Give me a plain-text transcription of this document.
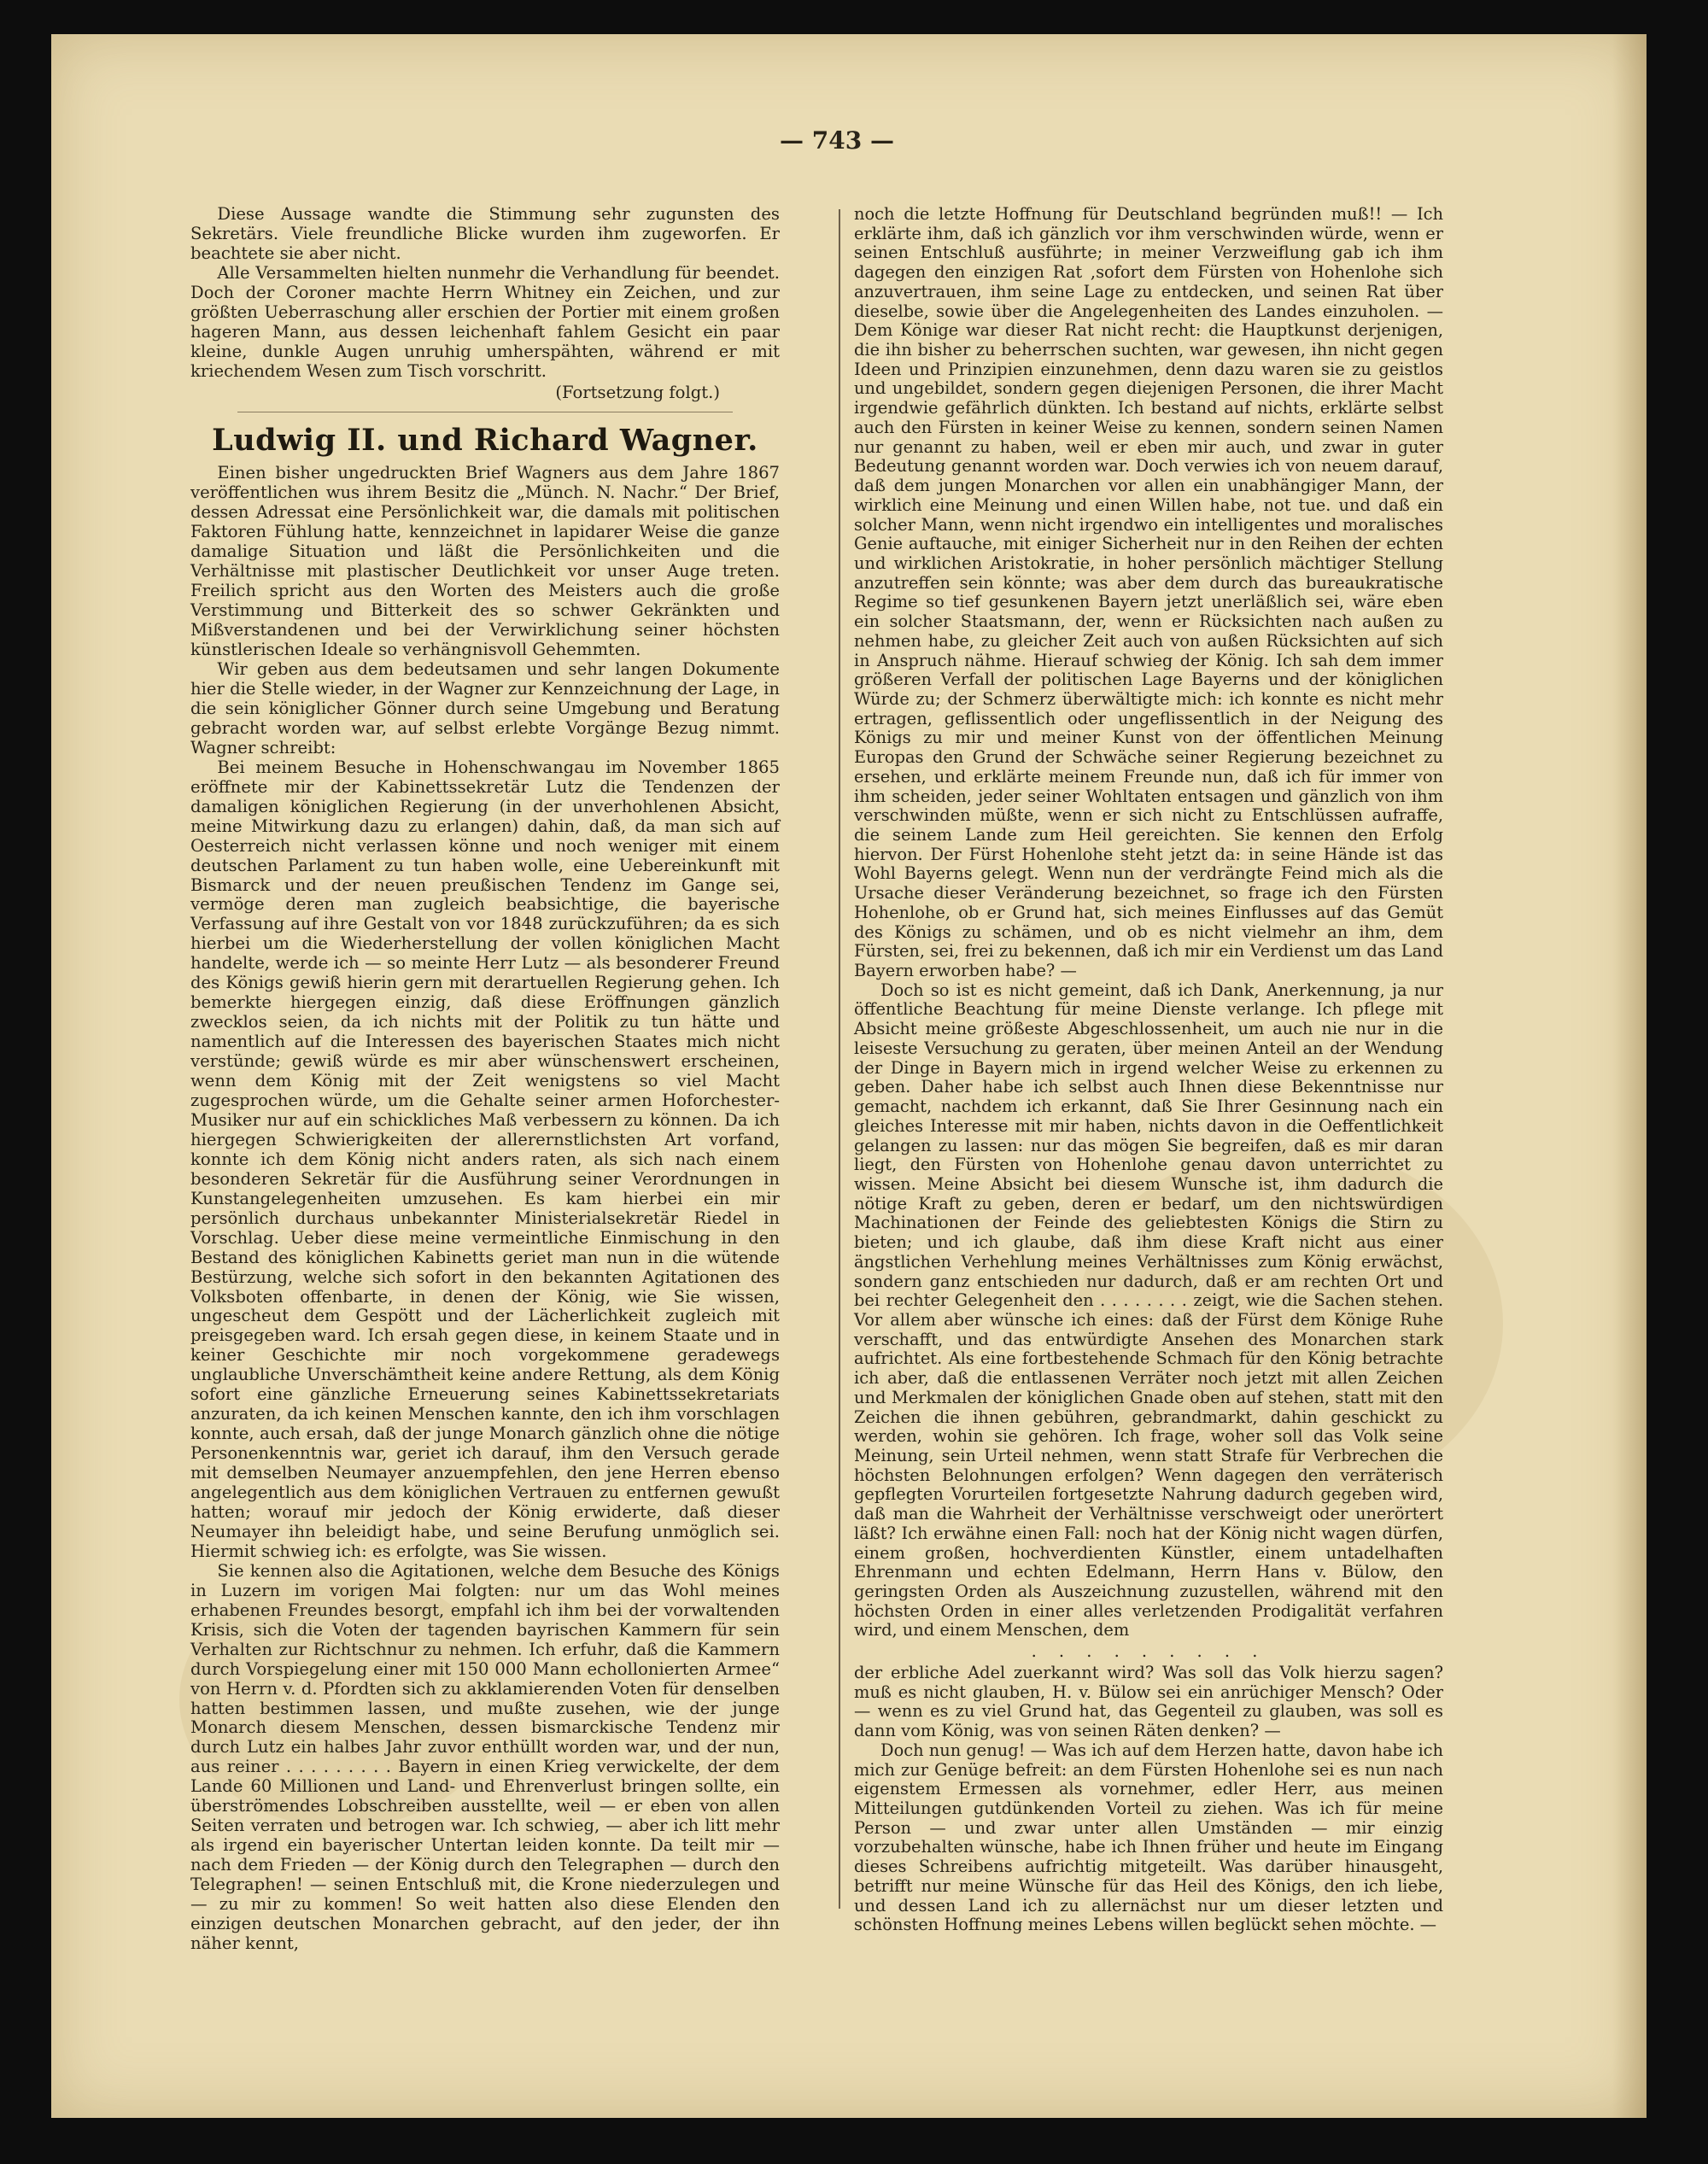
— 743 —

Diese Aussage wandte die Stimmung sehr zugunsten des Sekretärs. Viele freundliche Blicke wurden ihm zugeworfen. Er beachtete sie aber nicht.

Alle Versammelten hielten nunmehr die Verhandlung für beendet. Doch der Coroner machte Herrn Whitney ein Zeichen, und zur größten Ueberraschung aller erschien der Portier mit einem großen hageren Mann, aus dessen leichenhaft fahlem Gesicht ein paar kleine, dunkle Augen unruhig umherspähten, während er mit kriechendem Wesen zum Tisch vorschritt.

(Fortsetzung folgt.)

Ludwig II. und Richard Wagner.

Einen bisher ungedruckten Brief Wagners aus dem Jahre 1867 veröffentlichen wus ihrem Besitz die „Münch. N. Nachr.“ Der Brief, dessen Adressat eine Persönlichkeit war, die damals mit politischen Faktoren Fühlung hatte, kennzeichnet in lapidarer Weise die ganze damalige Situation und läßt die Persönlichkeiten und die Verhältnisse mit plastischer Deutlichkeit vor unser Auge treten. Freilich spricht aus den Worten des Meisters auch die große Verstimmung und Bitterkeit des so schwer Gekränkten und Mißverstandenen und bei der Verwirklichung seiner höchsten künstlerischen Ideale so verhängnisvoll Gehemmten.

Wir geben aus dem bedeutsamen und sehr langen Dokumente hier die Stelle wieder, in der Wagner zur Kennzeichnung der Lage, in die sein königlicher Gönner durch seine Umgebung und Beratung gebracht worden war, auf selbst erlebte Vorgänge Bezug nimmt. Wagner schreibt:

Bei meinem Besuche in Hohenschwangau im November 1865 eröffnete mir der Kabinettssekretär Lutz die Tendenzen der damaligen königlichen Regierung (in der unverhohlenen Absicht, meine Mitwirkung dazu zu erlangen) dahin, daß, da man sich auf Oesterreich nicht verlassen könne und noch weniger mit einem deutschen Parlament zu tun haben wolle, eine Uebereinkunft mit Bismarck und der neuen preußischen Tendenz im Gange sei, vermöge deren man zugleich beabsichtige, die bayerische Verfassung auf ihre Gestalt von vor 1848 zurückzuführen; da es sich hierbei um die Wiederherstellung der vollen königlichen Macht handelte, werde ich — so meinte Herr Lutz — als besonderer Freund des Königs gewiß hierin gern mit derartuellen Regierung gehen. Ich bemerkte hiergegen einzig, daß diese Eröffnungen gänzlich zwecklos seien, da ich nichts mit der Politik zu tun hätte und namentlich auf die Interessen des bayerischen Staates mich nicht verstünde; gewiß würde es mir aber wünschenswert erscheinen, wenn dem König mit der Zeit wenigstens so viel Macht zugesprochen würde, um die Gehalte seiner armen Hoforchester-Musiker nur auf ein schickliches Maß verbessern zu können. Da ich hiergegen Schwierigkeiten der allerernstlichsten Art vorfand, konnte ich dem König nicht anders raten, als sich nach einem besonderen Sekretär für die Ausführung seiner Verordnungen in Kunstangelegenheiten umzusehen. Es kam hierbei ein mir persönlich durchaus unbekannter Ministerialsekretär Riedel in Vorschlag. Ueber diese meine vermeintliche Einmischung in den Bestand des königlichen Kabinetts geriet man nun in die wütende Bestürzung, welche sich sofort in den bekannten Agitationen des Volksboten offenbarte, in denen der König, wie Sie wissen, ungescheut dem Gespött und der Lächerlichkeit zugleich mit preisgegeben ward. Ich ersah gegen diese, in keinem Staate und in keiner Geschichte mir noch vorgekommene geradewegs unglaubliche Unverschämtheit keine andere Rettung, als dem König sofort eine gänzliche Erneuerung seines Kabinettssekretariats anzuraten, da ich keinen Menschen kannte, den ich ihm vorschlagen konnte, auch ersah, daß der junge Monarch gänzlich ohne die nötige Personenkenntnis war, geriet ich darauf, ihm den Versuch gerade mit demselben Neumayer anzuempfehlen, den jene Herren ebenso angelegentlich aus dem königlichen Vertrauen zu entfernen gewußt hatten; worauf mir jedoch der König erwiderte, daß dieser Neumayer ihn beleidigt habe, und seine Berufung unmöglich sei. Hiermit schwieg ich: es erfolgte, was Sie wissen.

Sie kennen also die Agitationen, welche dem Besuche des Königs in Luzern im vorigen Mai folgten: nur um das Wohl meines erhabenen Freundes besorgt, empfahl ich ihm bei der vorwaltenden Krisis, sich die Voten der tagenden bayrischen Kammern für sein Verhalten zur Richtschnur zu nehmen. Ich erfuhr, daß die Kammern durch Vorspiegelung einer mit 150 000 Mann echollonierten Armee“ von Herrn v. d. Pfordten sich zu akklamierenden Voten für denselben hatten bestimmen lassen, und mußte zusehen, wie der junge Monarch diesem Menschen, dessen bismarckische Tendenz mir durch Lutz ein halbes Jahr zuvor enthüllt worden war, und der nun, aus reiner . . . . . . . . . Bayern in einen Krieg verwickelte, der dem Lande 60 Millionen und Land- und Ehrenverlust bringen sollte, ein überströmendes Lobschreiben ausstellte, weil — er eben von allen Seiten verraten und betrogen war. Ich schwieg, — aber ich litt mehr als irgend ein bayerischer Untertan leiden konnte. Da teilt mir — nach dem Frieden — der König durch den Telegraphen — durch den Telegraphen! — seinen Entschluß mit, die Krone niederzulegen und — zu mir zu kommen! So weit hatten also diese Elenden den einzigen deutschen Monarchen gebracht, auf den jeder, der ihn näher kennt,

noch die letzte Hoffnung für Deutschland begründen muß!! — Ich erklärte ihm, daß ich gänzlich vor ihm verschwinden würde, wenn er seinen Entschluß ausführte; in meiner Verzweiflung gab ich ihm dagegen den einzigen Rat ,sofort dem Fürsten von Hohenlohe sich anzuvertrauen, ihm seine Lage zu entdecken, und seinen Rat über dieselbe, sowie über die Angelegenheiten des Landes einzuholen. — Dem Könige war dieser Rat nicht recht: die Hauptkunst derjenigen, die ihn bisher zu beherrschen suchten, war gewesen, ihn nicht gegen Ideen und Prinzipien einzunehmen, denn dazu waren sie zu geistlos und ungebildet, sondern gegen diejenigen Personen, die ihrer Macht irgendwie gefährlich dünkten. Ich bestand auf nichts, erklärte selbst auch den Fürsten in keiner Weise zu kennen, sondern seinen Namen nur genannt zu haben, weil er eben mir auch, und zwar in guter Bedeutung genannt worden war. Doch verwies ich von neuem darauf, daß dem jungen Monarchen vor allen ein unabhängiger Mann, der wirklich eine Meinung und einen Willen habe, not tue. und daß ein solcher Mann, wenn nicht irgendwo ein intelligentes und moralisches Genie auftauche, mit einiger Sicherheit nur in den Reihen der echten und wirklichen Aristokratie, in hoher persönlich mächtiger Stellung anzutreffen sein könnte; was aber dem durch das bureaukratische Regime so tief gesunkenen Bayern jetzt unerläßlich sei, wäre eben ein solcher Staatsmann, der, wenn er Rücksichten nach außen zu nehmen habe, zu gleicher Zeit auch von außen Rücksichten auf sich in Anspruch nähme. Hierauf schwieg der König. Ich sah dem immer größeren Verfall der politischen Lage Bayerns und der königlichen Würde zu; der Schmerz überwältigte mich: ich konnte es nicht mehr ertragen, geflissentlich oder ungeflissentlich in der Neigung des Königs zu mir und meiner Kunst von der öffentlichen Meinung Europas den Grund der Schwäche seiner Regierung bezeichnet zu ersehen, und erklärte meinem Freunde nun, daß ich für immer von ihm scheiden, jeder seiner Wohltaten entsagen und gänzlich von ihm verschwinden müßte, wenn er sich nicht zu Entschlüssen aufraffe, die seinem Lande zum Heil gereichten. Sie kennen den Erfolg hiervon. Der Fürst Hohenlohe steht jetzt da: in seine Hände ist das Wohl Bayerns gelegt. Wenn nun der verdrängte Feind mich als die Ursache dieser Veränderung bezeichnet, so frage ich den Fürsten Hohenlohe, ob er Grund hat, sich meines Einflusses auf das Gemüt des Königs zu schämen, und ob es nicht vielmehr an ihm, dem Fürsten, sei, frei zu bekennen, daß ich mir ein Verdienst um das Land Bayern erworben habe? —

Doch so ist es nicht gemeint, daß ich Dank, Anerkennung, ja nur öffentliche Beachtung für meine Dienste verlange. Ich pflege mit Absicht meine größeste Abgeschlossenheit, um auch nie nur in die leiseste Versuchung zu geraten, über meinen Anteil an der Wendung der Dinge in Bayern mich in irgend welcher Weise zu erkennen zu geben. Daher habe ich selbst auch Ihnen diese Bekenntnisse nur gemacht, nachdem ich erkannt, daß Sie Ihrer Gesinnung nach ein gleiches Interesse mit mir haben, nichts davon in die Oeffentlichkeit gelangen zu lassen: nur das mögen Sie begreifen, daß es mir daran liegt, den Fürsten von Hohenlohe genau davon unterrichtet zu wissen. Meine Absicht bei diesem Wunsche ist, ihm dadurch die nötige Kraft zu geben, deren er bedarf, um den nichtswürdigen Machinationen der Feinde des geliebtesten Königs die Stirn zu bieten; und ich glaube, daß ihm diese Kraft nicht aus einer ängstlichen Verhehlung meines Verhältnisses zum König erwächst, sondern ganz entschieden nur dadurch, daß er am rechten Ort und bei rechter Gelegenheit den . . . . . . . . zeigt, wie die Sachen stehen. Vor allem aber wünsche ich eines: daß der Fürst dem Könige Ruhe verschafft, und das entwürdigte Ansehen des Monarchen stark aufrichtet. Als eine fortbestehende Schmach für den König betrachte ich aber, daß die entlassenen Verräter noch jetzt mit allen Zeichen und Merkmalen der königlichen Gnade oben auf stehen, statt mit den Zeichen die ihnen gebühren, gebrandmarkt, dahin geschickt zu werden, wohin sie gehören. Ich frage, woher soll das Volk seine Meinung, sein Urteil nehmen, wenn statt Strafe für Verbrechen die höchsten Belohnungen erfolgen? Wenn dagegen den verräterisch gepflegten Vorurteilen fortgesetzte Nahrung dadurch gegeben wird, daß man die Wahrheit der Verhältnisse verschweigt oder unerörtert läßt? Ich erwähne einen Fall: noch hat der König nicht wagen dürfen, einem großen, hochverdienten Künstler, einem untadelhaften Ehrenmann und echten Edelmann, Herrn Hans v. Bülow, den geringsten Orden als Auszeichnung zuzustellen, während mit den höchsten Orden in einer alles verletzenden Prodigalität verfahren wird, und einem Menschen, dem

. . . . . . . . .

der erbliche Adel zuerkannt wird? Was soll das Volk hierzu sagen? muß es nicht glauben, H. v. Bülow sei ein anrüchiger Mensch? Oder — wenn es zu viel Grund hat, das Gegenteil zu glauben, was soll es dann vom König, was von seinen Räten denken? —

Doch nun genug! — Was ich auf dem Herzen hatte, davon habe ich mich zur Genüge befreit: an dem Fürsten Hohenlohe sei es nun nach eigenstem Ermessen als vornehmer, edler Herr, aus meinen Mitteilungen gutdünkenden Vorteil zu ziehen. Was ich für meine Person — und zwar unter allen Umständen — mir einzig vorzubehalten wünsche, habe ich Ihnen früher und heute im Eingang dieses Schreibens aufrichtig mitgeteilt. Was darüber hinausgeht, betrifft nur meine Wünsche für das Heil des Königs, den ich liebe, und dessen Land ich zu allernächst nur um dieser letzten und schönsten Hoffnung meines Lebens willen beglückt sehen möchte. —
